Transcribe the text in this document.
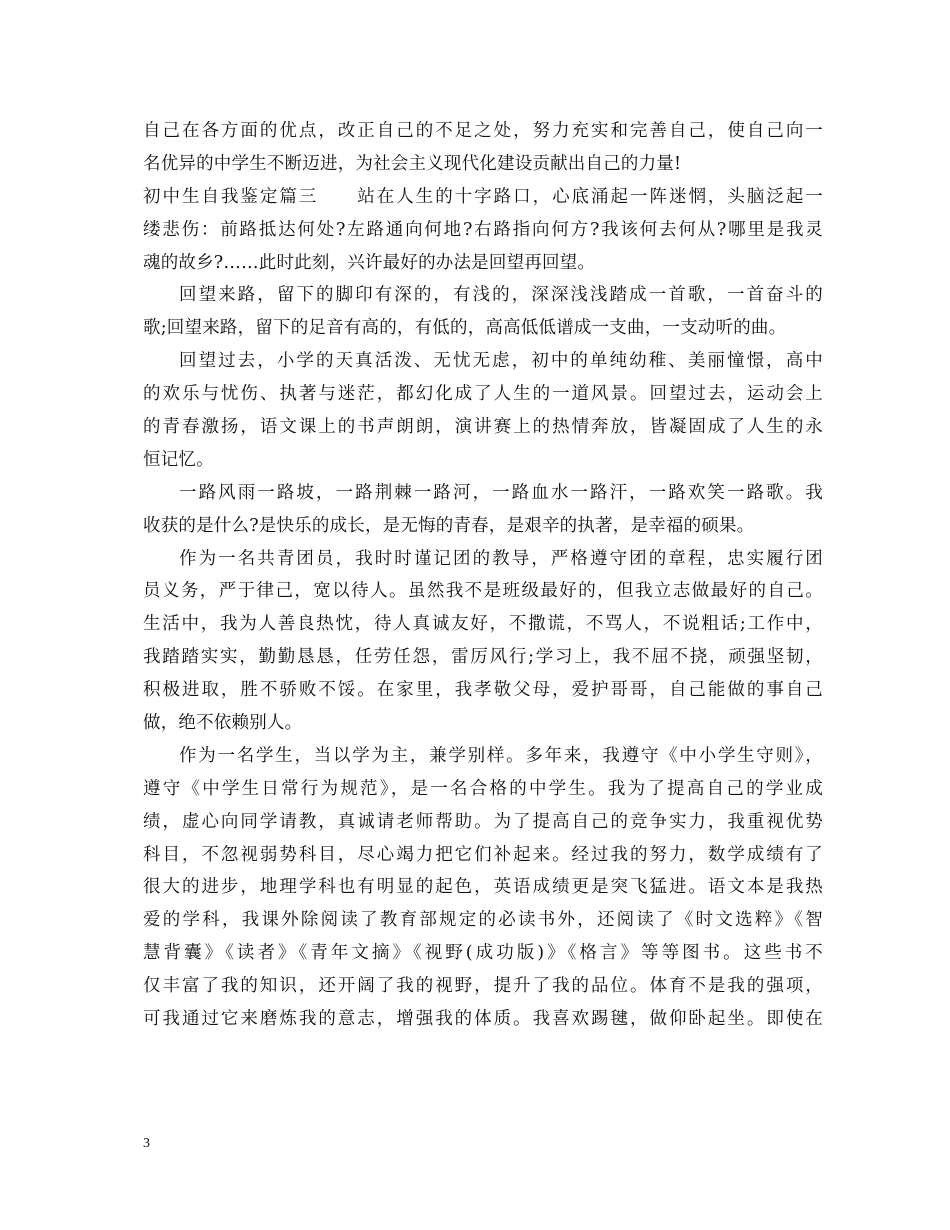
自己在各方面的优点，改正自己的不足之处，努力充实和完善自己，使自己向一
名优异的中学生不断迈进，为社会主义现代化建设贡献出自己的力量!
初中生自我鉴定篇三　　站在人生的十字路口，心底涌起一阵迷惘，头脑泛起一
缕悲伤：前路抵达何处?左路通向何地?右路指向何方?我该何去何从?哪里是我灵
魂的故乡?……此时此刻，兴许最好的办法是回望再回望。
回望来路，留下的脚印有深的，有浅的，深深浅浅踏成一首歌，一首奋斗的
歌;回望来路，留下的足音有高的，有低的，高高低低谱成一支曲，一支动听的曲。
回望过去，小学的天真活泼、无忧无虑，初中的单纯幼稚、美丽憧憬，高中
的欢乐与忧伤、执著与迷茫，都幻化成了人生的一道风景。回望过去，运动会上
的青春激扬，语文课上的书声朗朗，演讲赛上的热情奔放，皆凝固成了人生的永
恒记忆。
一路风雨一路坡，一路荆棘一路河，一路血水一路汗，一路欢笑一路歌。我
收获的是什么?是快乐的成长，是无悔的青春，是艰辛的执著，是幸福的硕果。
作为一名共青团员，我时时谨记团的教导，严格遵守团的章程，忠实履行团
员义务，严于律己，宽以待人。虽然我不是班级最好的，但我立志做最好的自己。
生活中，我为人善良热忱，待人真诚友好，不撒谎，不骂人，不说粗话;工作中，
我踏踏实实，勤勤恳恳，任劳任怨，雷厉风行;学习上，我不屈不挠，顽强坚韧，
积极进取，胜不骄败不馁。在家里，我孝敬父母，爱护哥哥，自己能做的事自己
做，绝不依赖别人。
作为一名学生，当以学为主，兼学别样。多年来，我遵守《中小学生守则》，
遵守《中学生日常行为规范》，是一名合格的中学生。我为了提高自己的学业成
绩，虚心向同学请教，真诚请老师帮助。为了提高自己的竞争实力，我重视优势
科目，不忽视弱势科目，尽心竭力把它们补起来。经过我的努力，数学成绩有了
很大的进步，地理学科也有明显的起色，英语成绩更是突飞猛进。语文本是我热
爱的学科，我课外除阅读了教育部规定的必读书外，还阅读了《时文选粹》《智
慧背囊》《读者》《青年文摘》《视野(成功版)》《格言》等等图书。这些书不
仅丰富了我的知识，还开阔了我的视野，提升了我的品位。体育不是我的强项，
可我通过它来磨炼我的意志，增强我的体质。我喜欢踢毽，做仰卧起坐。即使在
3
